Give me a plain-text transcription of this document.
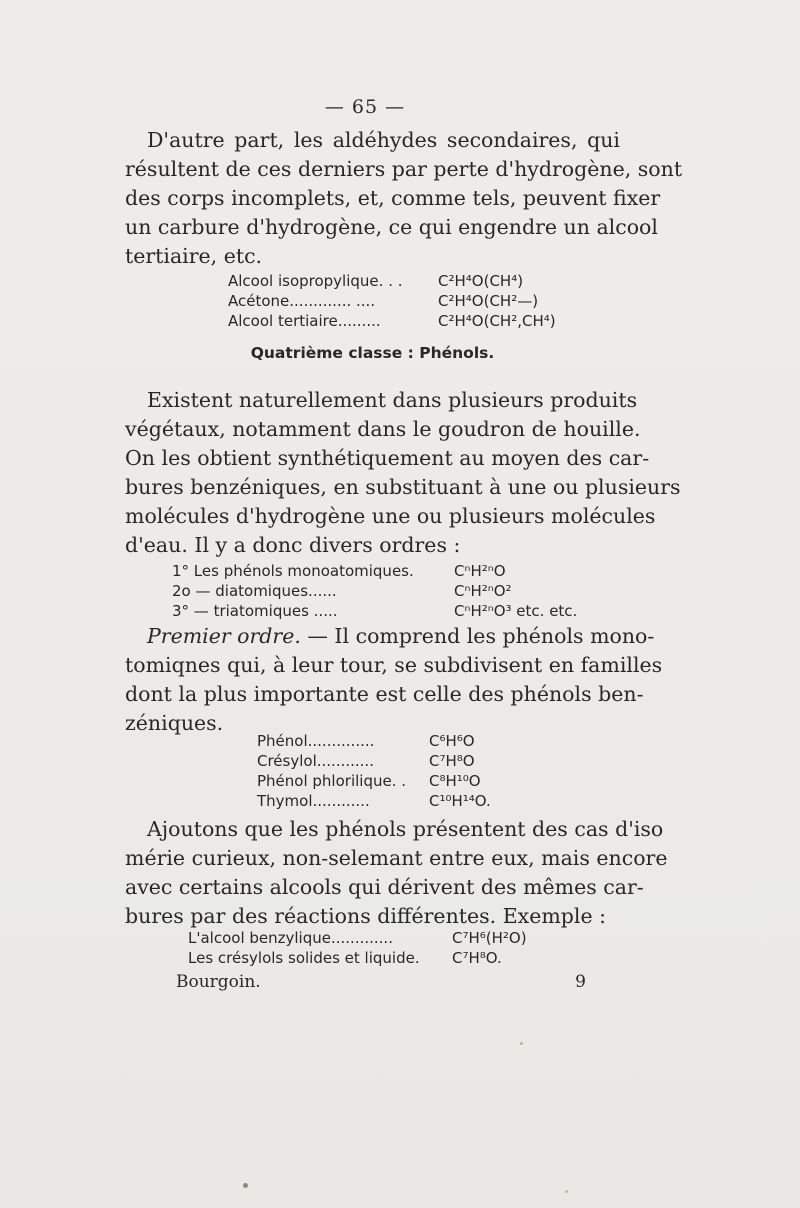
— 65 —
D'autre part, les aldéhydes secondaires, qui
résultent de ces derniers par perte d'hydrogène, sont
des corps incomplets, et, comme tels, peuvent fixer
un carbure d'hydrogène, ce qui engendre un alcool
tertiaire, etc.
Alcool isopropylique. . . C²H⁴O(CH⁴)
Acétone............. ....	C²H⁴O(CH²—)
Alcool tertiaire.........	C²H⁴O(CH²,CH⁴)
Quatrième classe : Phénols.
Existent naturellement dans plusieurs produits
végétaux, notamment dans le goudron de houille.
On les obtient synthétiquement au moyen des car-
bures benzéniques, en substituant à une ou plusieurs
molécules d'hydrogène une ou plusieurs molécules
d'eau. Il y a donc divers ordres :
1° Les phénols monoatomiques.	CⁿH²ⁿO
2o — diatomiques......	CⁿH²ⁿO²
3° — triatomiques .....	CⁿH²ⁿO³ etc. etc.
Premier ordre. — Il comprend les phénols mono-
tomiqnes qui, à leur tour, se subdivisent en familles
dont la plus importante est celle des phénols ben-
zéniques.
Phénol..............	C⁶H⁶O
Crésylol............	C⁷H⁸O
Phénol phlorilique. . C⁸H¹⁰O
Thymol............	C¹⁰H¹⁴O.
Ajoutons que les phénols présentent des cas d'iso
mérie curieux, non-selemant entre eux, mais encore
avec certains alcools qui dérivent des mêmes car-
bures par des réactions différentes. Exemple :
L'alcool benzylique.............	C⁷H⁶(H²O)
Les crésylols solides et liquide. C⁷H⁸O.
Bourgoin.	9
